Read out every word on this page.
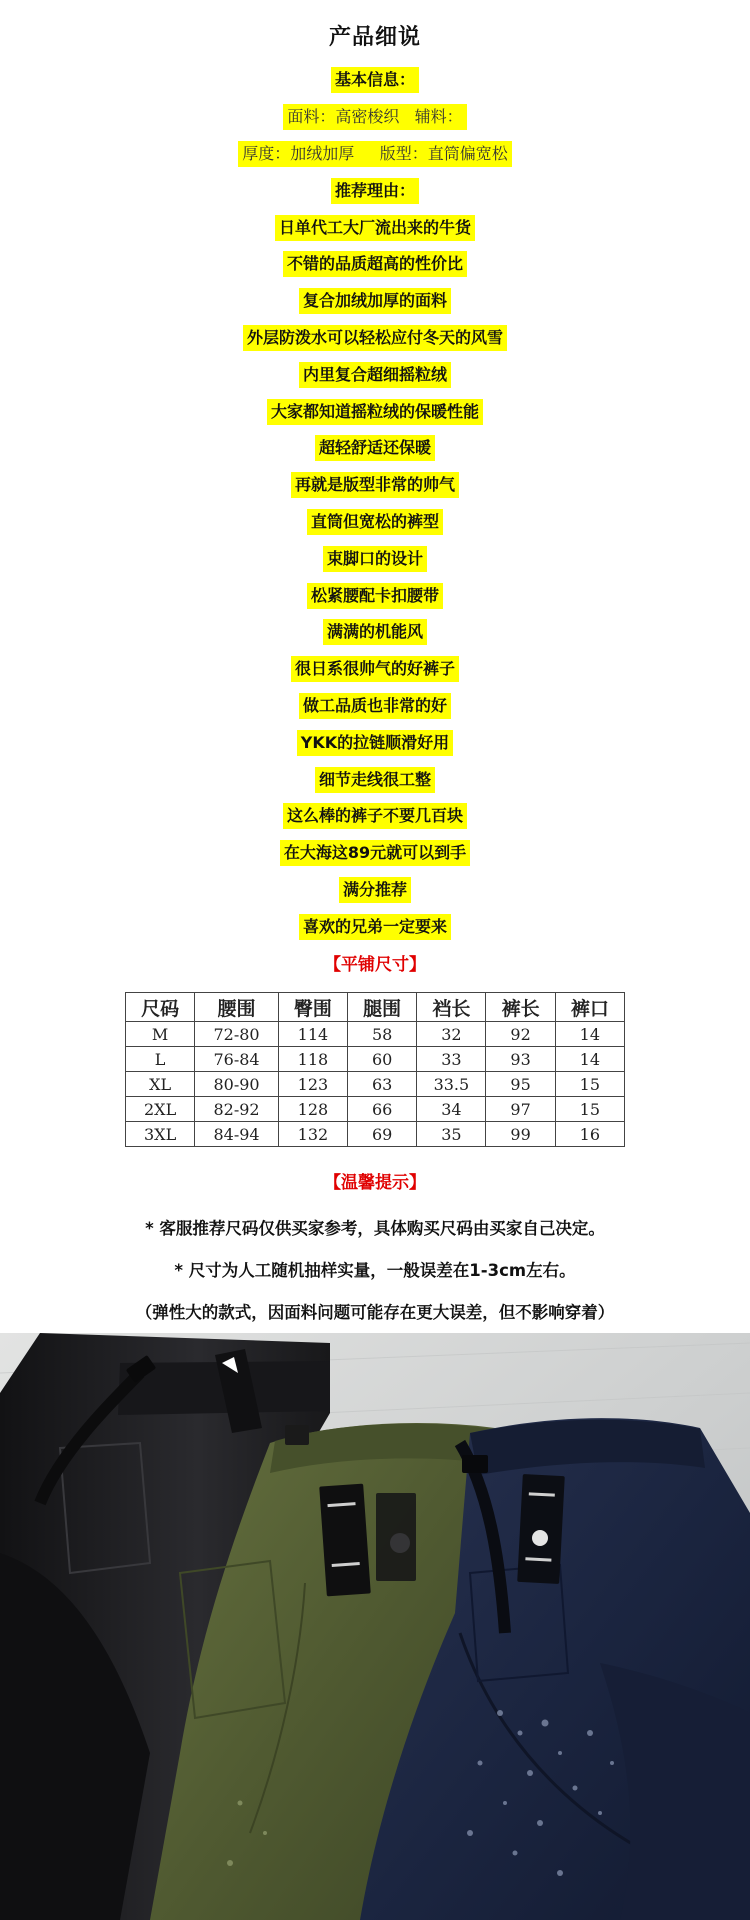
产品细说
基本信息：
面料：高密梭织   辅料：
厚度：加绒加厚     版型：直筒偏宽松
推荐理由：
日单代工大厂流出来的牛货
不错的品质超高的性价比
复合加绒加厚的面料
外层防泼水可以轻松应付冬天的风雪
内里复合超细摇粒绒
大家都知道摇粒绒的保暖性能
超轻舒适还保暖
再就是版型非常的帅气
直筒但宽松的裤型
束脚口的设计
松紧腰配卡扣腰带
满满的机能风
很日系很帅气的好裤子
做工品质也非常的好
YKK的拉链顺滑好用
细节走线很工整
这么棒的裤子不要几百块
在大海这89元就可以到手
满分推荐
喜欢的兄弟一定要来
【平铺尺寸】
尺码	腰围	臀围	腿围	裆长	裤长	裤口
M	72-80	114	58	32	92	14
L	76-84	118	60	33	93	14
XL	80-90	123	63	33.5	95	15
2XL	82-92	128	66	34	97	15
3XL	84-94	132	69	35	99	16
【温馨提示】
* 客服推荐尺码仅供买家参考，具体购买尺码由买家自己决定。
* 尺寸为人工随机抽样实量，一般误差在1-3cm左右。
（弹性大的款式，因面料问题可能存在更大误差，但不影响穿着）
